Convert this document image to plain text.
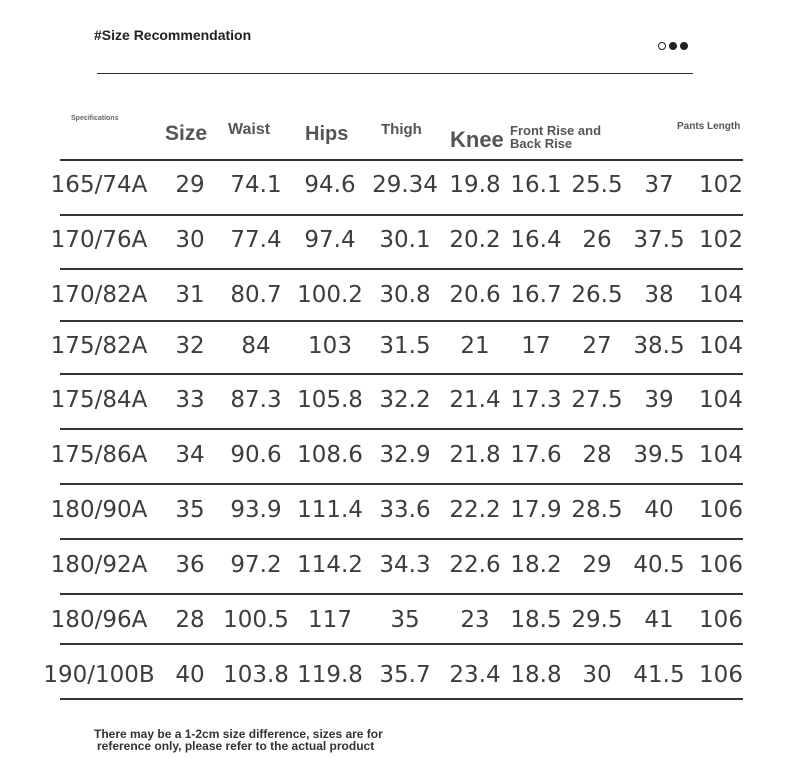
#Size Recommendation
Specifications
Size Waist Hips Thigh Knee Front Rise and
Back Rise
Pants Length
165/74A 29 74.1 94.6 29.34 19.8 16.1 25.5 37 102
170/76A 30 77.4 97.4 30.1 20.2 16.4 26 37.5 102
170/82A 31 80.7 100.2 30.8 20.6 16.7 26.5 38 104
175/82A 32 84 103 31.5 21 17 27 38.5 104
175/84A 33 87.3 105.8 32.2 21.4 17.3 27.5 39 104
175/86A 34 90.6 108.6 32.9 21.8 17.6 28 39.5 104
180/90A 35 93.9 111.4 33.6 22.2 17.9 28.5 40 106
180/92A 36 97.2 114.2 34.3 22.6 18.2 29 40.5 106
180/96A 28 100.5 117 35 23 18.5 29.5 41 106
190/100B 40 103.8 119.8 35.7 23.4 18.8 30 41.5 106
There may be a 1-2cm size difference, sizes are for
reference only, please refer to the actual product
